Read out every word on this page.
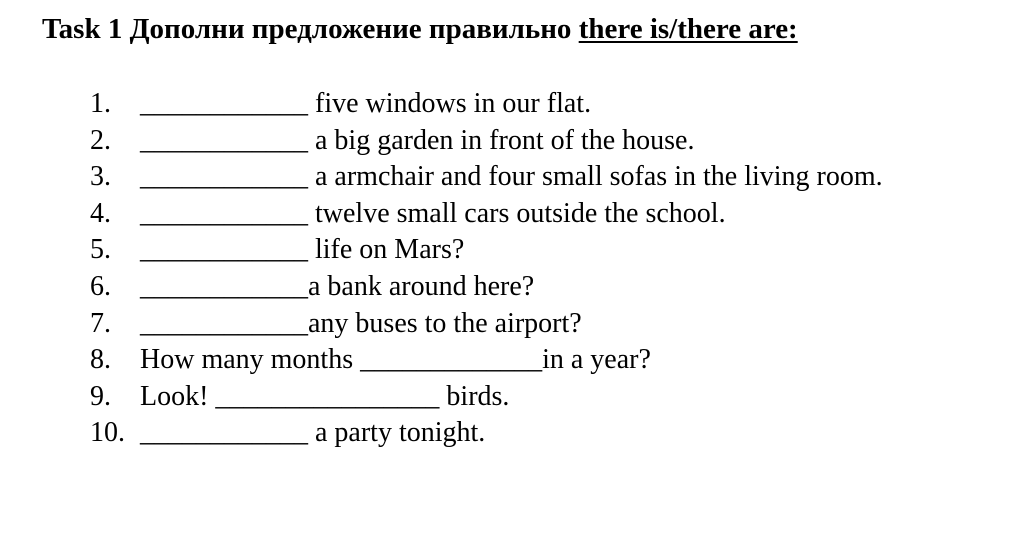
Task 1 Дополни предложение правильно there is/there are:
1. ____________ five windows in our flat.
2. ____________ a big garden in front of the house.
3. ____________ a armchair and four small sofas in the living room.
4. ____________ twelve small cars outside the school.
5. ____________ life on Mars?
6. ____________a bank around here?
7. ____________any buses to the airport?
8. How many months _____________in a year?
9. Look! ________________ birds.
10. ____________ a party tonight.
